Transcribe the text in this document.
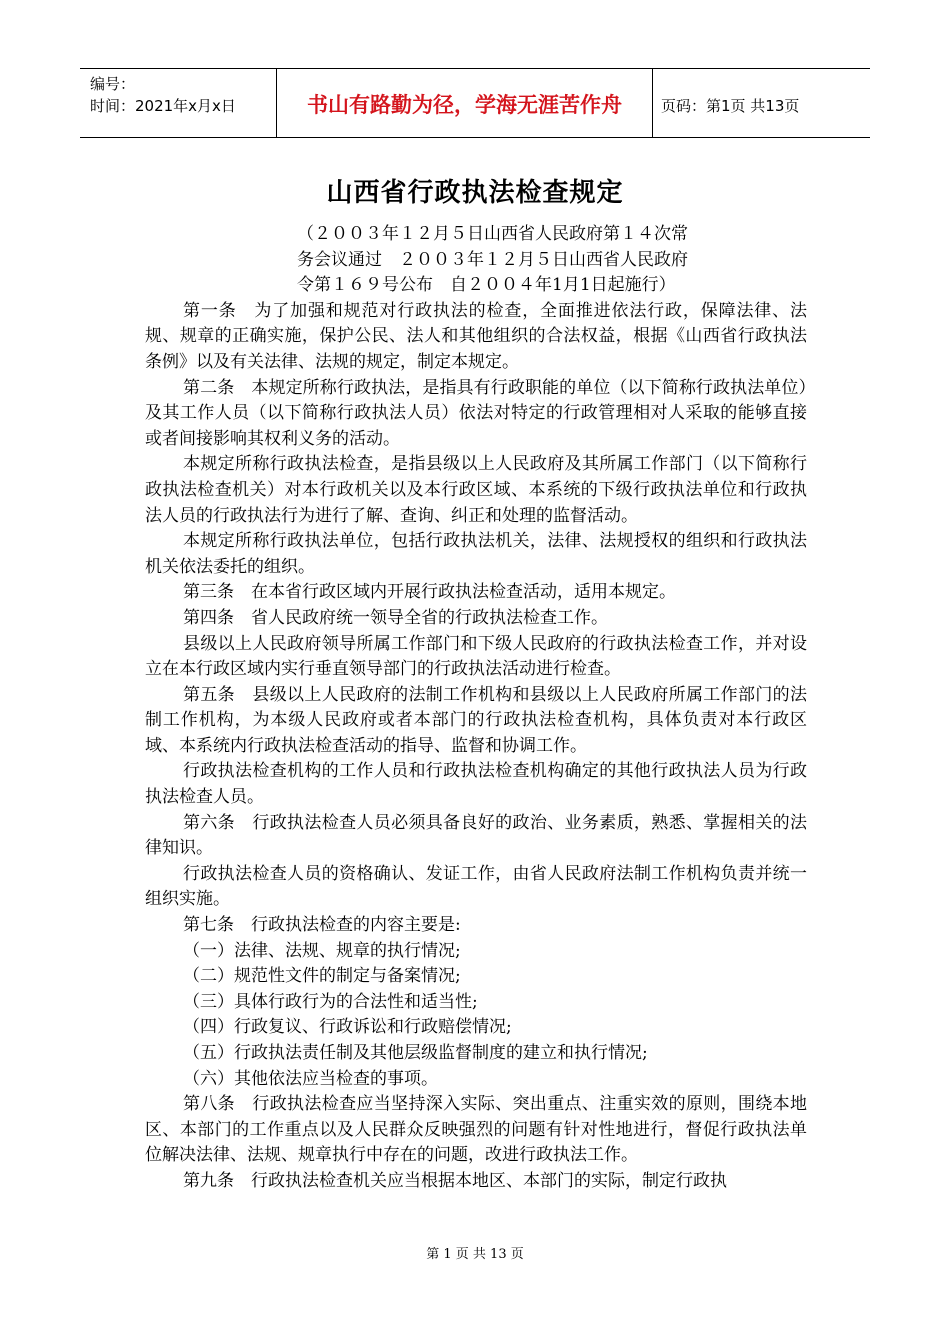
编号：
时间：2021年x月x日	书山有路勤为径，学海无涯苦作舟	页码：第1页 共13页
山西省行政执法检查规定

（２００３年１２月５日山西省人民政府第１４次常

务会议通过　２００３年１２月５日山西省人民政府

令第１６９号公布　自２００４年1月1日起施行）

第一条　为了加强和规范对行政执法的检查，全面推进依法行政，保障法律、法规、规章的正确实施，保护公民、法人和其他组织的合法权益，根据《山西省行政执法条例》以及有关法律、法规的规定，制定本规定。

第二条　本规定所称行政执法，是指具有行政职能的单位（以下简称行政执法单位）及其工作人员（以下简称行政执法人员）依法对特定的行政管理相对人采取的能够直接或者间接影响其权利义务的活动。

本规定所称行政执法检查，是指县级以上人民政府及其所属工作部门（以下简称行政执法检查机关）对本行政机关以及本行政区域、本系统的下级行政执法单位和行政执法人员的行政执法行为进行了解、查询、纠正和处理的监督活动。

本规定所称行政执法单位，包括行政执法机关，法律、法规授权的组织和行政执法机关依法委托的组织。

第三条　在本省行政区域内开展行政执法检查活动，适用本规定。

第四条　省人民政府统一领导全省的行政执法检查工作。

县级以上人民政府领导所属工作部门和下级人民政府的行政执法检查工作，并对设立在本行政区域内实行垂直领导部门的行政执法活动进行检查。

第五条　县级以上人民政府的法制工作机构和县级以上人民政府所属工作部门的法制工作机构，为本级人民政府或者本部门的行政执法检查机构，具体负责对本行政区域、本系统内行政执法检查活动的指导、监督和协调工作。

行政执法检查机构的工作人员和行政执法检查机构确定的其他行政执法人员为行政执法检查人员。

第六条　行政执法检查人员必须具备良好的政治、业务素质，熟悉、掌握相关的法律知识。

行政执法检查人员的资格确认、发证工作，由省人民政府法制工作机构负责并统一组织实施。

第七条　行政执法检查的内容主要是:

（一）法律、法规、规章的执行情况;

（二）规范性文件的制定与备案情况;

（三）具体行政行为的合法性和适当性;

（四）行政复议、行政诉讼和行政赔偿情况;

（五）行政执法责任制及其他层级监督制度的建立和执行情况;

（六）其他依法应当检查的事项。

第八条　行政执法检查应当坚持深入实际、突出重点、注重实效的原则，围绕本地区、本部门的工作重点以及人民群众反映强烈的问题有针对性地进行，督促行政执法单位解决法律、法规、规章执行中存在的问题，改进行政执法工作。

第九条　行政执法检查机关应当根据本地区、本部门的实际，制定行政执

第 1 页 共 13 页
